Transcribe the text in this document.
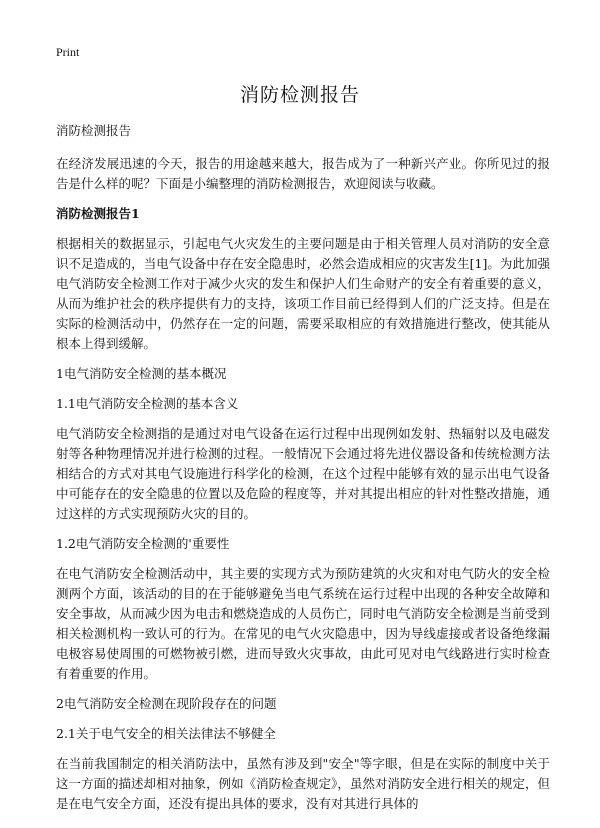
Print
消防检测报告

消防检测报告

在经济发展迅速的今天，报告的用途越来越大，报告成为了一种新兴产业。你所见过的报告是什么样的呢？下面是小编整理的消防检测报告，欢迎阅读与收藏。

消防检测报告1

根据相关的数据显示，引起电气火灾发生的主要问题是由于相关管理人员对消防的安全意识不足造成的，当电气设备中存在安全隐患时，必然会造成相应的灾害发生[1]。为此加强电气消防安全检测工作对于减少火灾的发生和保护人们生命财产的安全有着重要的意义，从而为维护社会的秩序提供有力的支持，该项工作目前已经得到人们的广泛支持。但是在实际的检测活动中，仍然存在一定的问题，需要采取相应的有效措施进行整改，使其能从根本上得到缓解。

1电气消防安全检测的基本概况

1.1电气消防安全检测的基本含义

电气消防安全检测指的是通过对电气设备在运行过程中出现例如发射、热辐射以及电磁发射等各种物理情况并进行检测的过程。一般情况下会通过将先进仪器设备和传统检测方法相结合的方式对其电气设施进行科学化的检测，在这个过程中能够有效的显示出电气设备中可能存在的安全隐患的位置以及危险的程度等，并对其提出相应的针对性整改措施，通过这样的方式实现预防火灾的目的。

1.2电气消防安全检测的'重要性

在电气消防安全检测活动中，其主要的实现方式为预防建筑的火灾和对电气防火的安全检测两个方面，该活动的目的在于能够避免当电气系统在运行过程中出现的各种安全故障和安全事故，从而减少因为电击和燃烧造成的人员伤亡，同时电气消防安全检测是当前受到相关检测机构一致认可的行为。在常见的电气火灾隐患中，因为导线虚接或者设备绝缘漏电极容易使周围的可燃物被引燃，进而导致火灾事故，由此可见对电气线路进行实时检查有着重要的作用。

2电气消防安全检测在现阶段存在的问题

2.1关于电气安全的相关法律法不够健全

在当前我国制定的相关消防法中，虽然有涉及到"安全"等字眼，但是在实际的制度中关于这一方面的描述却相对抽象，例如《消防检查规定》，虽然对消防安全进行相关的规定，但是在电气安全方面，还没有提出具体的要求，没有对其进行具体的
